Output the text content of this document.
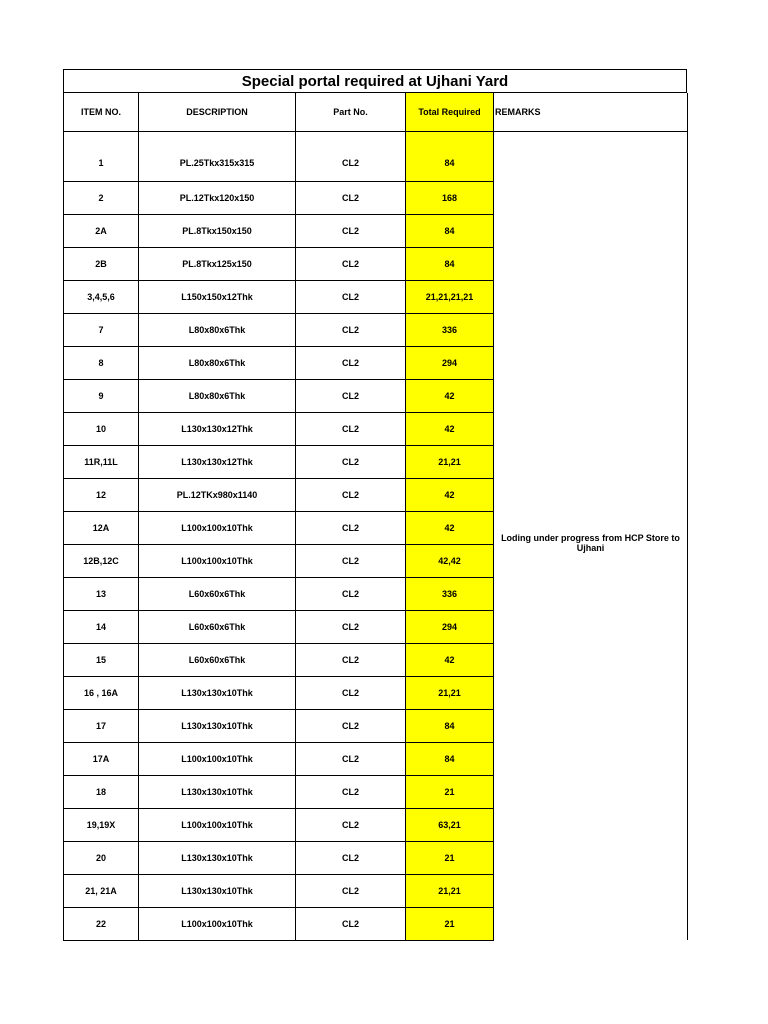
Special portal required at Ujhani Yard
ITEM NO.	DESCRIPTION	Part No.	Total Required	REMARKS
1	PL.25Tkx315x315	CL2	84	Loding under progress from HCP Store to Ujhani
2	PL.12Tkx120x150	CL2	168	
2A	PL.8Tkx150x150	CL2	84	
2B	PL.8Tkx125x150	CL2	84	
3,4,5,6	L150x150x12Thk	CL2	21,21,21,21	
7	L80x80x6Thk	CL2	336	
8	L80x80x6Thk	CL2	294	
9	L80x80x6Thk	CL2	42	
10	L130x130x12Thk	CL2	42	
11R,11L	L130x130x12Thk	CL2	21,21	
12	PL.12TKx980x1140	CL2	42	
12A	L100x100x10Thk	CL2	42	
12B,12C	L100x100x10Thk	CL2	42,42	
13	L60x60x6Thk	CL2	336	
14	L60x60x6Thk	CL2	294	
15	L60x60x6Thk	CL2	42	
16 , 16A	L130x130x10Thk	CL2	21,21	
17	L130x130x10Thk	CL2	84	
17A	L100x100x10Thk	CL2	84	
18	L130x130x10Thk	CL2	21	
19,19X	L100x100x10Thk	CL2	63,21	
20	L130x130x10Thk	CL2	21	
21, 21A	L130x130x10Thk	CL2	21,21	
22	L100x100x10Thk	CL2	21	
